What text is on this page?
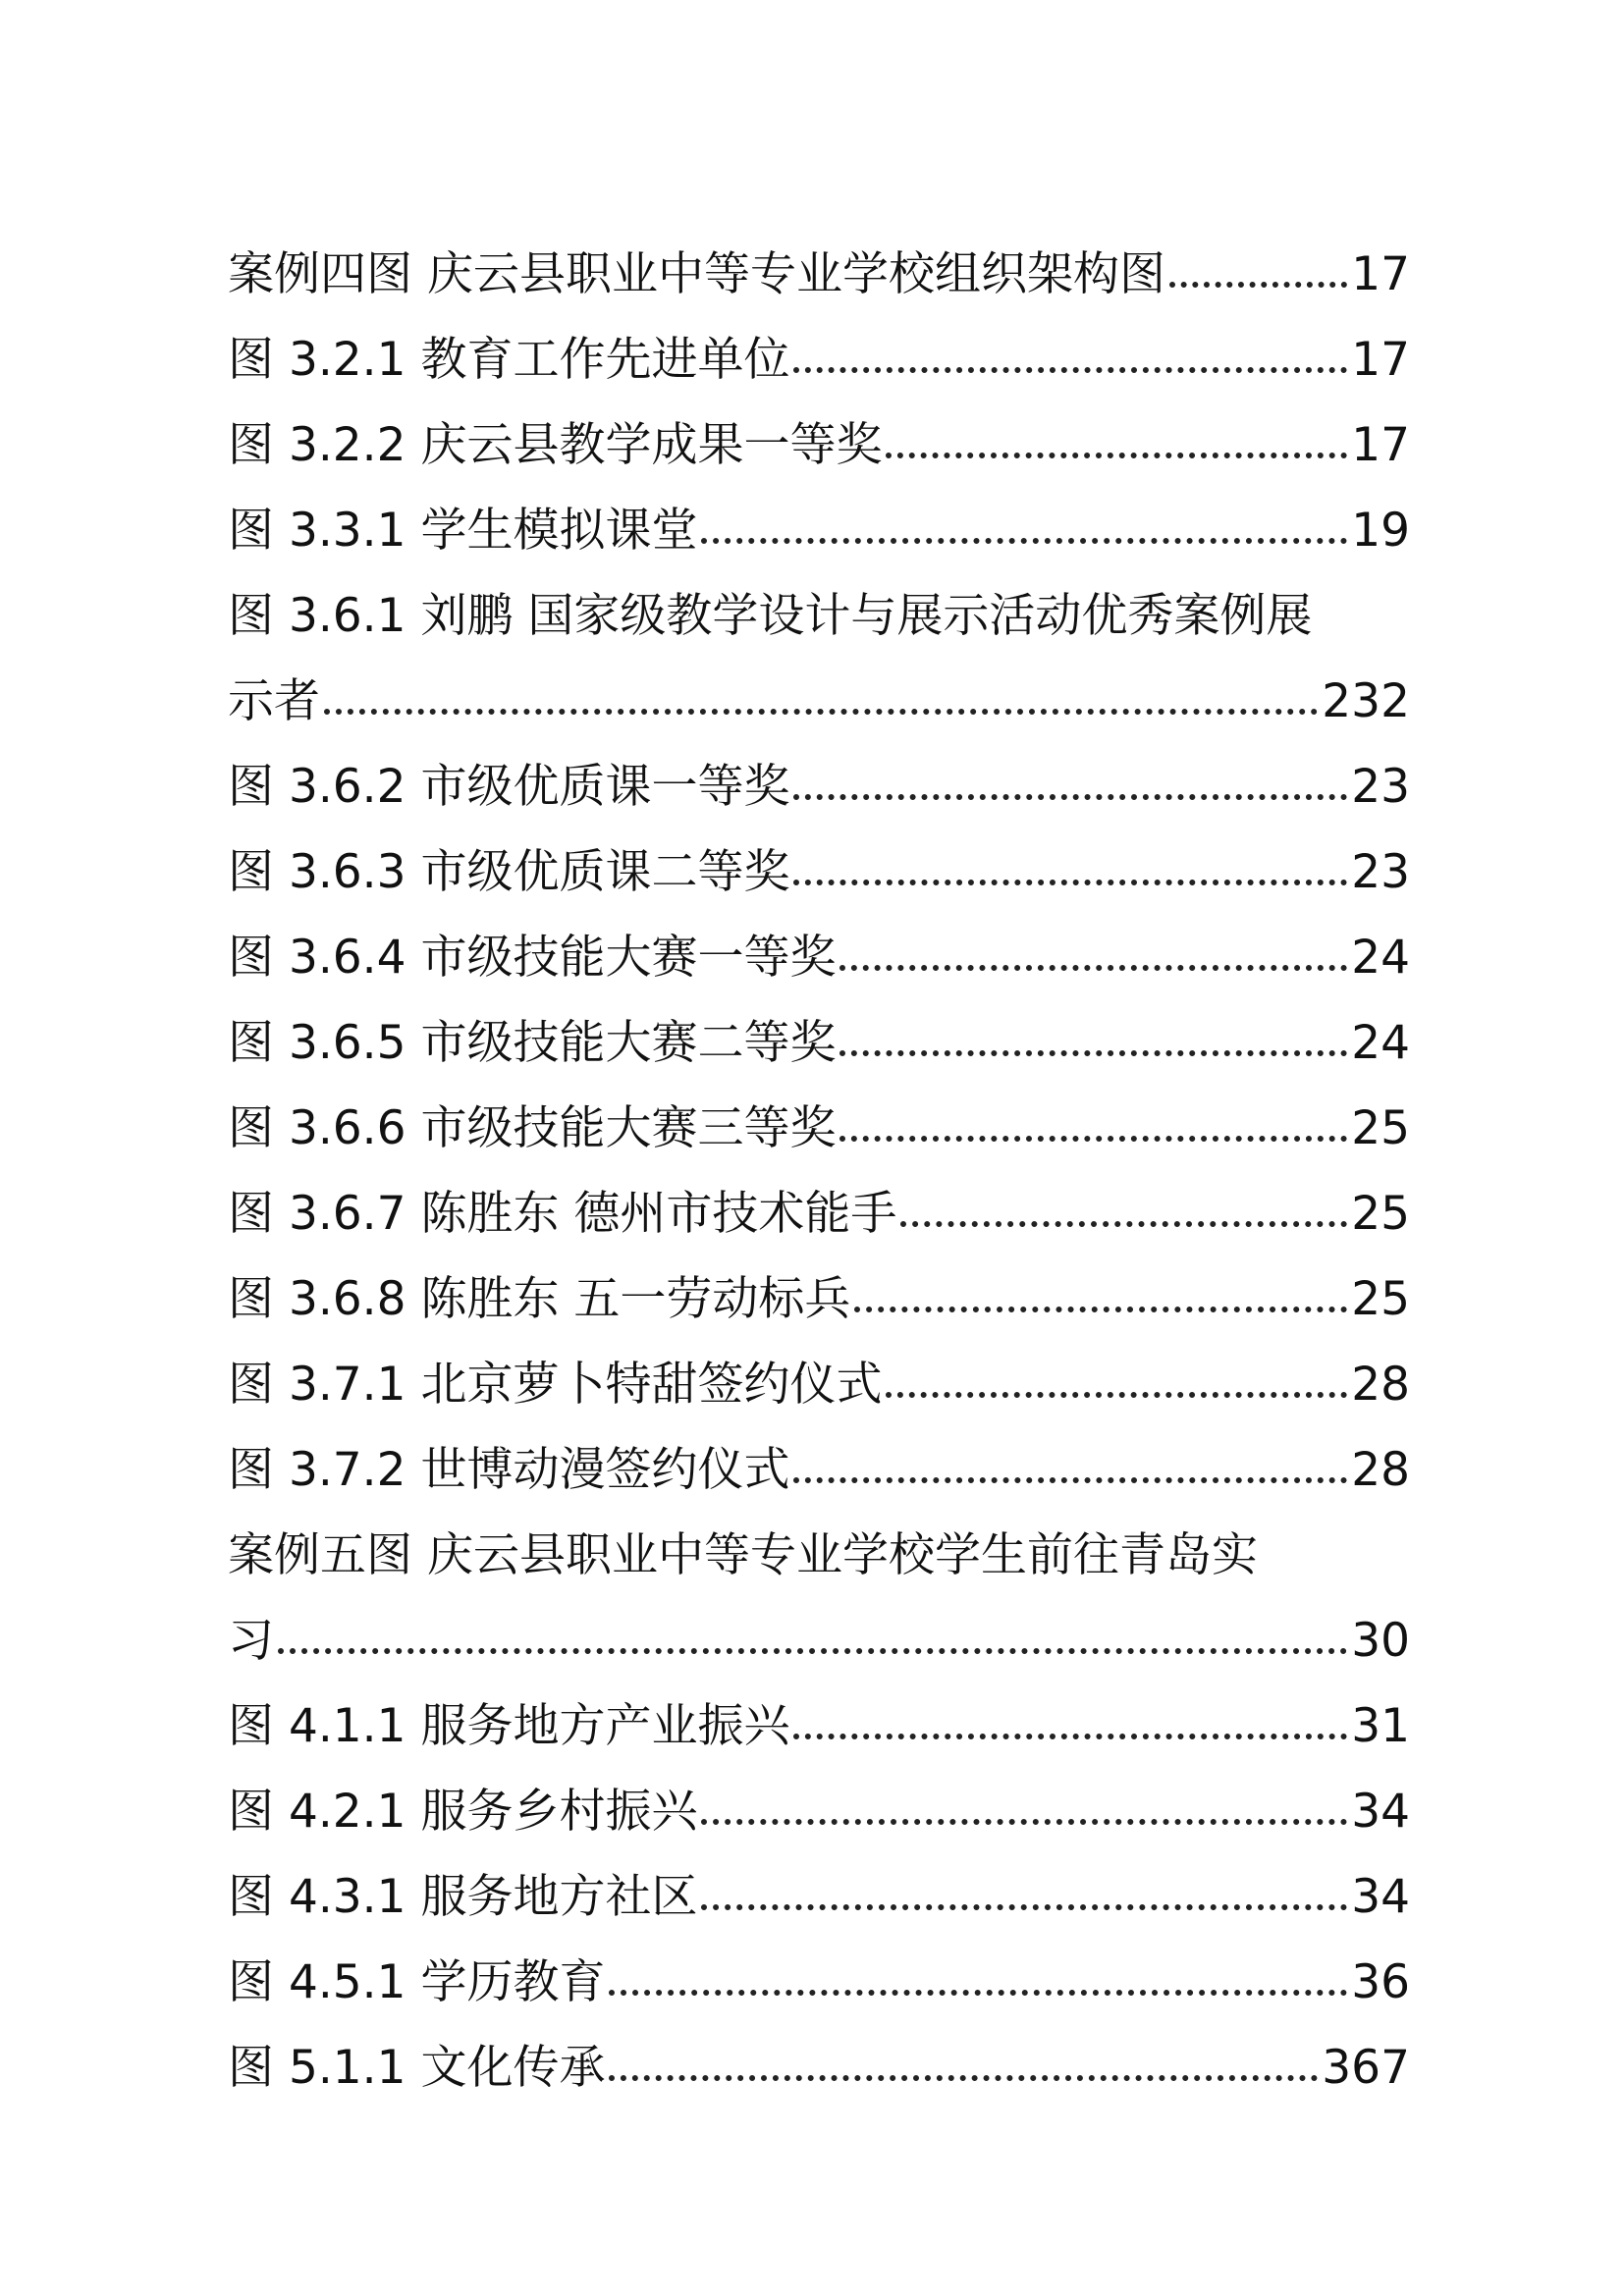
案例四图 庆云县职业中等专业学校组织架构图	17
图 3.2.1 教育工作先进单位	17
图 3.2.2 庆云县教学成果一等奖	17
图 3.3.1 学生模拟课堂	19
图 3.6.1 刘鹏 国家级教学设计与展示活动优秀案例展
示者	232
图 3.6.2 市级优质课一等奖	23
图 3.6.3 市级优质课二等奖	23
图 3.6.4 市级技能大赛一等奖	24
图 3.6.5 市级技能大赛二等奖	24
图 3.6.6 市级技能大赛三等奖	25
图 3.6.7 陈胜东 德州市技术能手	25
图 3.6.8 陈胜东 五一劳动标兵	25
图 3.7.1 北京萝卜特甜签约仪式	28
图 3.7.2 世博动漫签约仪式	28
案例五图 庆云县职业中等专业学校学生前往青岛实
习	30
图 4.1.1 服务地方产业振兴	31
图 4.2.1 服务乡村振兴	34
图 4.3.1 服务地方社区	34
图 4.5.1 学历教育	36
图 5.1.1 文化传承	367
